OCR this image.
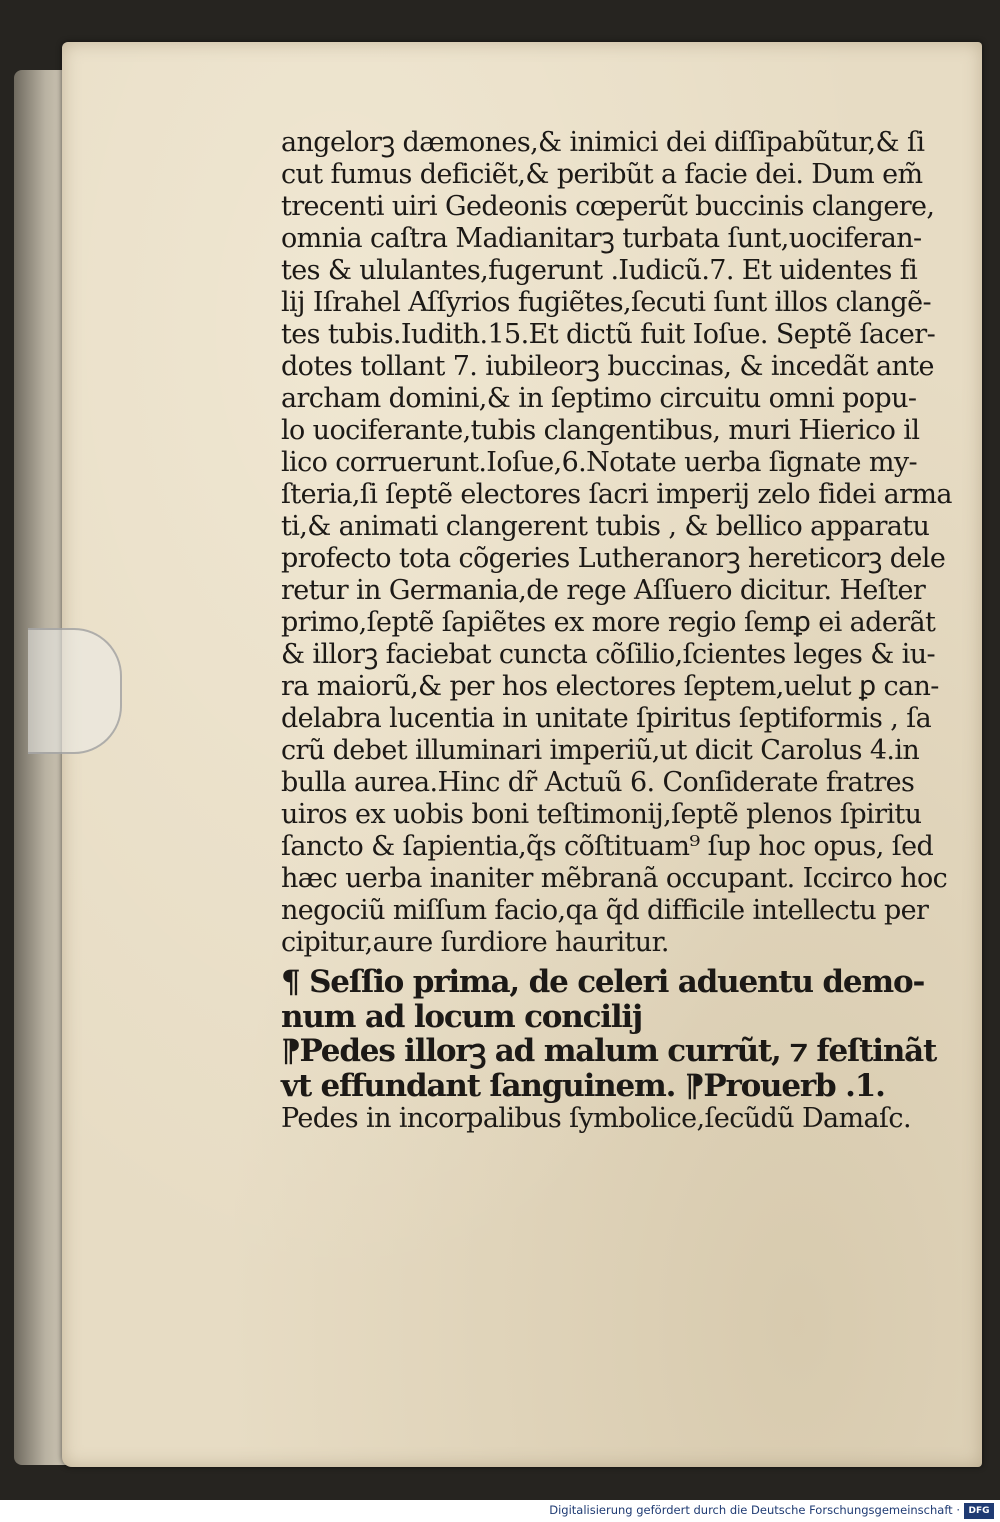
angelorꝫ dæmones,& inimici dei diſſipabũtur,& ſi

cut fumus deficiẽt,& peribũt a facie dei. Dum em̃

trecenti uiri Gedeonis cœperũt buccinis clangere,

omnia caſtra Madianitarꝫ turbata ſunt,uociferan-

tes & ululantes,fugerunt .Iudicũ.7. Et uidentes fi

lij Iſrahel Aſſyrios fugiẽtes,ſecuti ſunt illos clangẽ-

tes tubis.Iudith.15.Et dictũ fuit Ioſue. Septẽ ſacer-

dotes tollant 7. iubileorꝫ buccinas, & incedãt ante

archam domini,& in ſeptimo circuitu omni popu-

lo uociferante,tubis clangentibus, muri Hierico il

lico corruerunt.Ioſue,6.Notate uerba ſignate my-

ſteria,ſi ſeptẽ electores ſacri imperij zelo fidei arma

ti,& animati clangerent tubis , & bellico apparatu

profecto tota cõgeries Lutheranorꝫ hereticorꝫ dele

retur in Germania,de rege Aſſuero dicitur. Heſter

primo,ſeptẽ ſapiẽtes ex more regio ſemꝑ ei aderãt

& illorꝫ faciebat cuncta cõſilio,ſcientes leges & iu-

ra maiorũ,& per hos electores ſeptem,uelut ꝑ can-

delabra lucentia in unitate ſpiritus ſeptiformis , ſa

crũ debet illuminari imperiũ,ut dicit Carolus 4.in

bulla aurea.Hinc dr̃ Actuũ 6. Conſiderate fratres

uiros ex uobis boni teſtimonij,ſeptẽ plenos ſpiritu

ſancto & ſapientia,q̃s cõſtituam⁹ ſup hoc opus, ſed

hæc uerba inaniter mẽbranã occupant. Iccirco hoc

negociũ miſſum facio,qa q̃d difficile intellectu per

cipitur,aure ſurdiore hauritur.

¶ Seſſio prima, de celeri aduentu demo-

num ad locum concilij

⁋Pedes illorꝫ ad malum currũt, ⁊ feſtinãt

vt effundant ſanguinem. ⁋Prouerb .1.

Pedes in incorpalibus ſymbolice,ſecũdũ Damaſc.

Digitalisierung gefördert durch die Deutsche Forschungsgemeinschaft · DFG
